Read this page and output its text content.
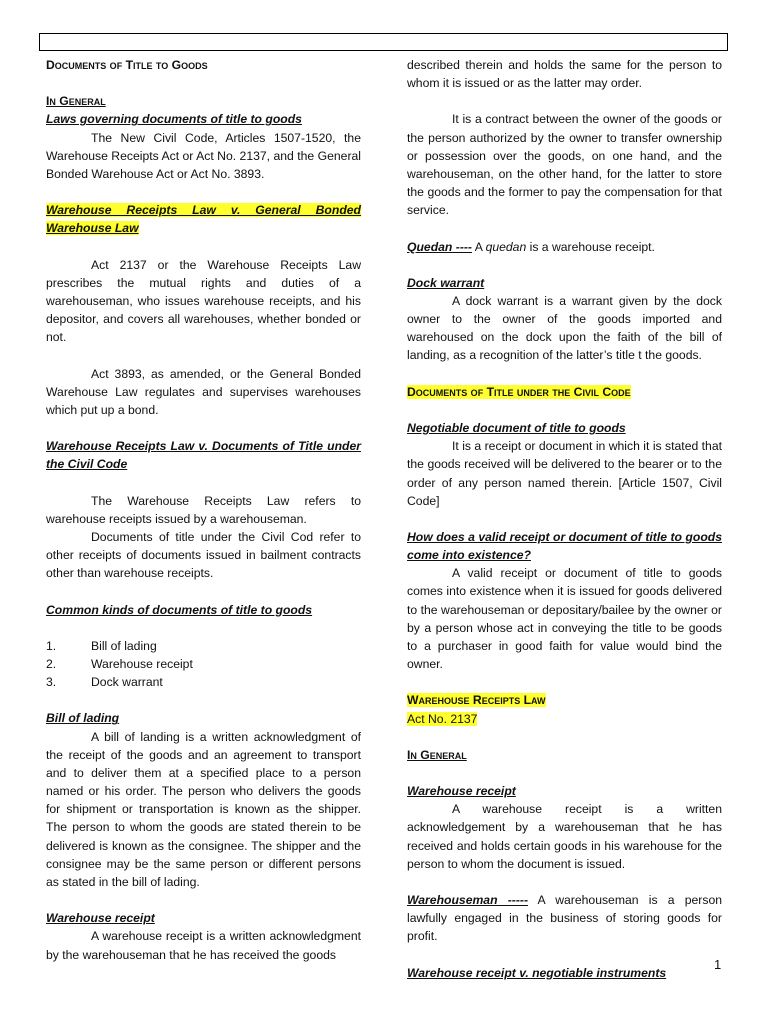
Documents of Title to Goods

In General

Laws governing documents of title to goods

The New Civil Code, Articles 1507-1520, the Warehouse Receipts Act or Act No. 2137, and the General Bonded Warehouse Act or Act No. 3893.

Warehouse Receipts Law v. General Bonded Warehouse Law

Act 2137 or the Warehouse Receipts Law prescribes the mutual rights and duties of a warehouseman, who issues warehouse receipts, and his depositor, and covers all warehouses, whether bonded or not.

Act 3893, as amended, or the General Bonded Warehouse Law regulates and supervises warehouses which put up a bond.

Warehouse Receipts Law v. Documents of Title under the Civil Code

The Warehouse Receipts Law refers to warehouse receipts issued by a warehouseman.

Documents of title under the Civil Cod refer to other receipts of documents issued in bailment contracts other than warehouse receipts.

Common kinds of documents of title to goods

1.	Bill of lading
2.	Warehouse receipt
3.	Dock warrant

Bill of lading

A bill of landing is a written acknowledgment of the receipt of the goods and an agreement to transport and to deliver them at a specified place to a person named or his order. The person who delivers the goods for shipment or transportation is known as the shipper. The person to whom the goods are stated therein to be delivered is known as the consignee. The shipper and the consignee may be the same person or different persons as stated in the bill of lading.

Warehouse receipt

A warehouse receipt is a written acknowledgment by the warehouseman that he has received the goods

described therein and holds the same for the person to whom it is issued or as the latter may order.

It is a contract between the owner of the goods or the person authorized by the owner to transfer ownership or possession over the goods, on one hand, and the warehouseman, on the other hand, for the latter to store the goods and the former to pay the compensation for that service.

Quedan ---- A quedan is a warehouse receipt.

Dock warrant

A dock warrant is a warrant given by the dock owner to the owner of the goods imported and warehoused on the dock upon the faith of the bill of landing, as a recognition of the latter’s title t the goods.

Documents of Title under the Civil Code

Negotiable document of title to goods

It is a receipt or document in which it is stated that the goods received will be delivered to the bearer or to the order of any person named therein. [Article 1507, Civil Code]

How does a valid receipt or document of title to goods come into existence?

A valid receipt or document of title to goods comes into existence when it is issued for goods delivered to the warehouseman or depositary/bailee by the owner or by a person whose act in conveying the title to be goods to a purchaser in good faith for value would bind the owner.

Warehouse Receipts Law

Act No. 2137

In General

Warehouse receipt

A warehouse receipt is a written acknowledgement by a warehouseman that he has received and holds certain goods in his warehouse for the person to whom the document is issued.

Warehouseman ----- A warehouseman is a person lawfully engaged in the business of storing goods for profit.

Warehouse receipt v. negotiable instruments

1
